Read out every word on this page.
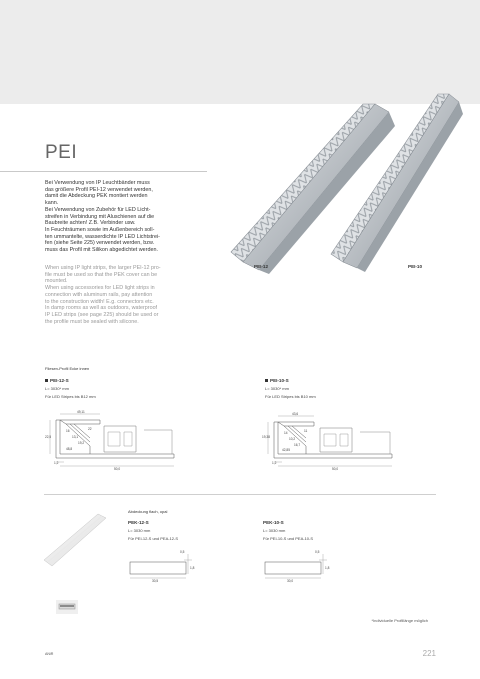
PEI
Bei Verwendung von IP Leuchtbänder muss
das größere Profil PEI-12 verwendet werden,
damit die Abdeckung PEK montiert werden
kann.
Bei Verwendung von Zubehör für LED Licht-
streifen in Verbindung mit Aluschienen auf die
Baubreite achten! Z.B. Verbinder usw.
In Feuchträumen sowie im Außenbereich soll-
ten ummantelte, wasserdichte IP LED Lichtstrei-
fen (siehe Seite 225) verwendet werden, bzw.
muss das Profil mit Silikon abgedichtet werden.
When using IP light strips, the larger PEI-12 pro-
file must be used so that the PEK cover can be
mounted.
When using accessories for LED light strips in
connection with aluminum rails, pay attention
to the construction width! E.g. connectors etc.
In damp rooms as well as outdoors, waterproof
IP LED strips (see page 225) should be used or
the profile must be sealed with silicone.
PEI-12	PEI-10
Fliesen-Profil Ecke innen
PEI-12-S
L= 3030* mm
Für LED Stripes bis B12 mm
PEI-10-S
L= 3030* mm
Für LED Stripes bis B10 mm
49,11
22,5
22
16
13,1
19,2
48,8
1,2
50,0
43,6
19,38
11
14
10,2
16,7
42,85
1,2
50,0
Abdeckung flach, opal
PEK-12-S
L= 3030 mm
Für PEI-12-S und PEA-12-S
PEK-10-S
L= 3030 mm
Für PEI-10-S und PEA-10-S
30,5
0,5
1,8
30,0
0,5
1,8
*Individuelle Profillänge möglich
221
ANiR
